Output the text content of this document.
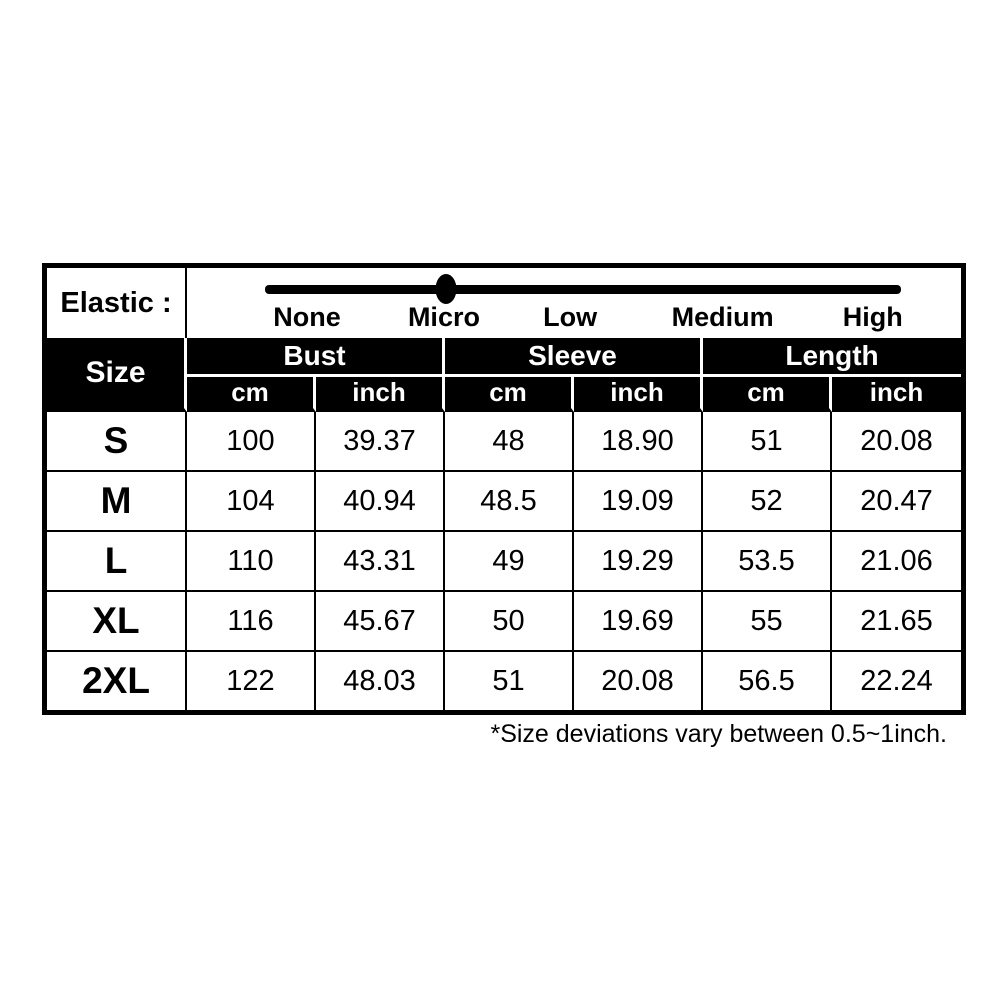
Elastic :	None Micro Low Medium High					

Size	Bust		Sleeve		Length	
	cm	inch	cm	inch	cm	inch
S	100	39.37	48	18.90	51	20.08
M	104	40.94	48.5	19.09	52	20.47
L	110	43.31	49	19.29	53.5	21.06
XL	116	45.67	50	19.69	55	21.65
2XL	122	48.03	51	20.08	56.5	22.24
*Size deviations vary between 0.5~1inch.
